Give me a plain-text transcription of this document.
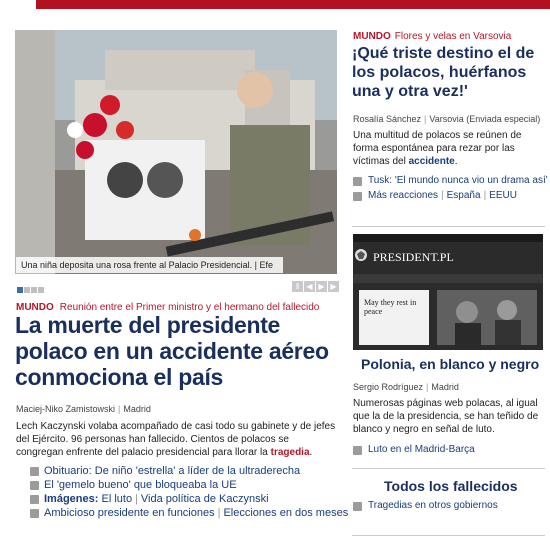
Una niña deposita una rosa frente al Palacio Presidencial. | Efe
‖ ◀ ▶ ▶
MUNDO Reunión entre el Primer ministro y el hermano del fallecido
La muerte del presidente polaco en un accidente aéreo conmociona el país
Maciej-Niko Zamistowski | Madrid
Lech Kaczynski volaba acompañado de casi todo su gabinete y de jefes del Ejército. 96 personas han fallecido. Cientos de polacos se congregan enfrente del palacio presidencial para llorar la tragedia.
Obituario: De niño 'estrella' a líder de la ultraderecha
El 'gemelo bueno' que bloqueaba la UE
Imágenes: El luto | Vida política de Kaczynski
Ambicioso presidente en funciones | Elecciones en dos meses
MUNDO Flores y velas en Varsovia
¡Qué triste destino el de los polacos, huérfanos una y otra vez!'
Rosalía Sánchez | Varsovia (Enviada especial)
Una multitud de polacos se reúnen de forma espontánea para rezar por las víctimas del accidente.
Tusk: 'El mundo nunca vio un drama así'
Más reacciones | España | EEUU
PRESIDENT.PL
May they rest in peace
Polonia, en blanco y negro
Sergio Rodríguez | Madrid
Numerosas páginas web polacas, al igual que la de la presidencia, se han teñido de blanco y negro en señal de luto.
Luto en el Madrid-Barça
Todos los fallecidos
Tragedias en otros gobiernos
